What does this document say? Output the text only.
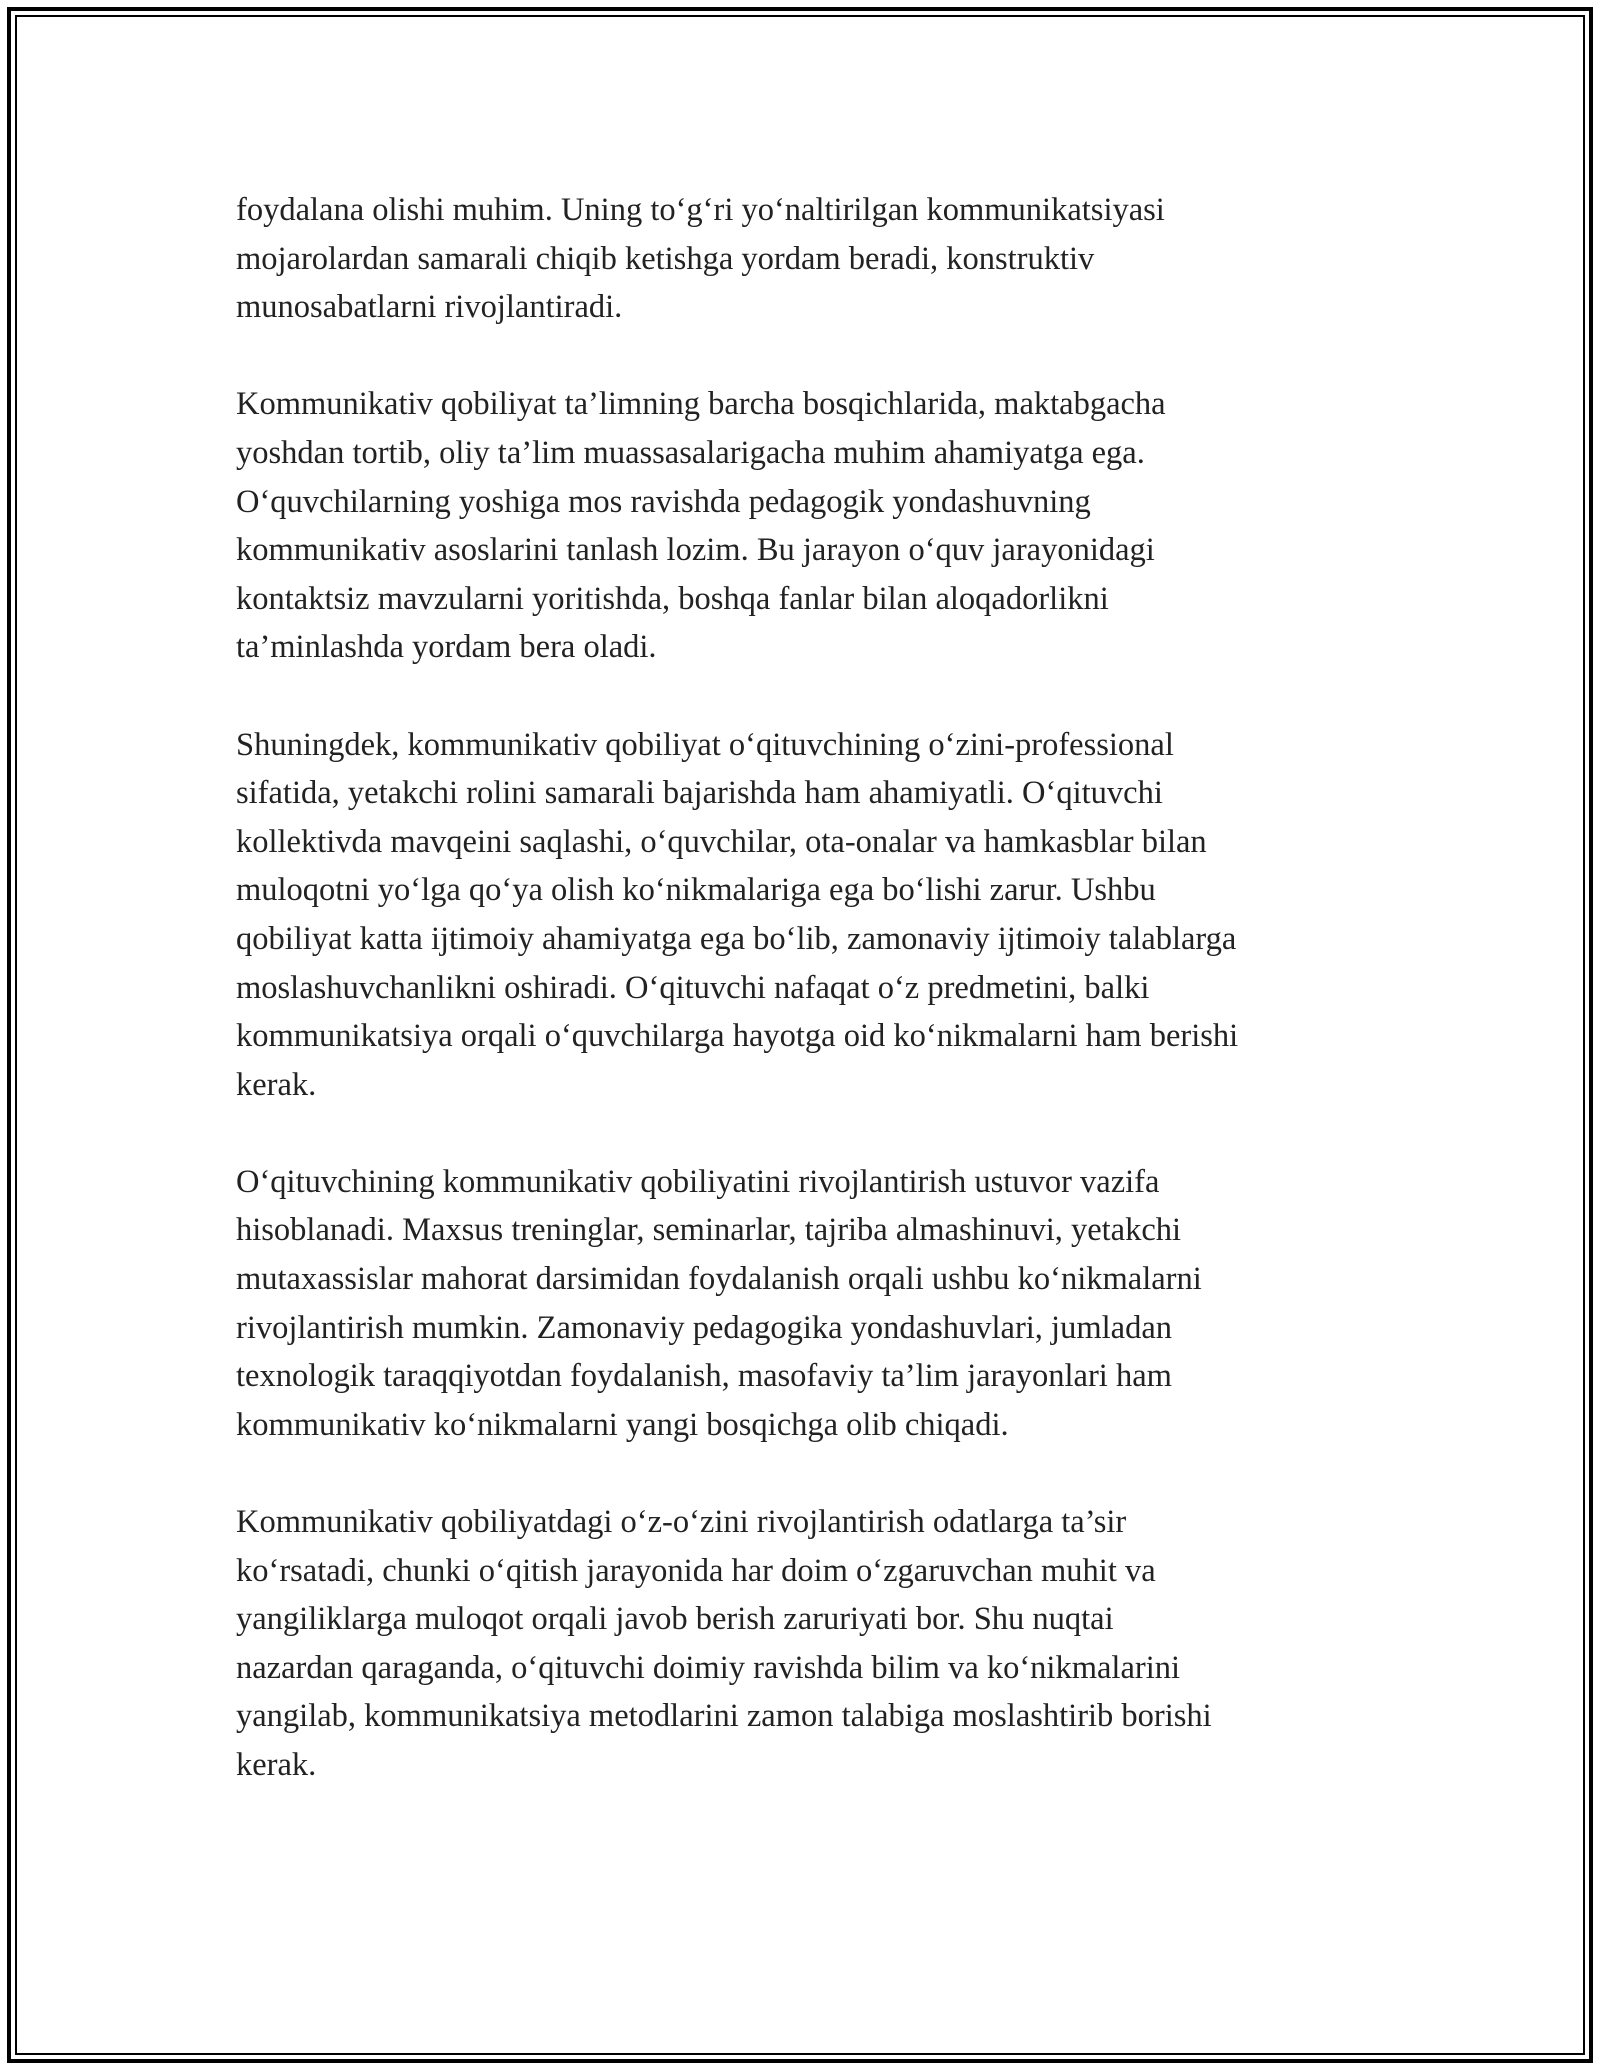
foydalana olishi muhim. Uning to‘g‘ri yo‘naltirilgan kommunikatsiyasi
mojarolardan samarali chiqib ketishga yordam beradi, konstruktiv
munosabatlarni rivojlantiradi.

Kommunikativ qobiliyat ta’limning barcha bosqichlarida, maktabgacha
yoshdan tortib, oliy ta’lim muassasalarigacha muhim ahamiyatga ega.
O‘quvchilarning yoshiga mos ravishda pedagogik yondashuvning
kommunikativ asoslarini tanlash lozim. Bu jarayon o‘quv jarayonidagi
kontaktsiz mavzularni yoritishda, boshqa fanlar bilan aloqadorlikni
ta’minlashda yordam bera oladi.

Shuningdek, kommunikativ qobiliyat o‘qituvchining o‘zini-professional
sifatida, yetakchi rolini samarali bajarishda ham ahamiyatli. O‘qituvchi
kollektivda mavqeini saqlashi, o‘quvchilar, ota-onalar va hamkasblar bilan
muloqotni yo‘lga qo‘ya olish ko‘nikmalariga ega bo‘lishi zarur. Ushbu
qobiliyat katta ijtimoiy ahamiyatga ega bo‘lib, zamonaviy ijtimoiy talablarga
moslashuvchanlikni oshiradi. O‘qituvchi nafaqat o‘z predmetini, balki
kommunikatsiya orqali o‘quvchilarga hayotga oid ko‘nikmalarni ham berishi
kerak.

O‘qituvchining kommunikativ qobiliyatini rivojlantirish ustuvor vazifa
hisoblanadi. Maxsus treninglar, seminarlar, tajriba almashinuvi, yetakchi
mutaxassislar mahorat darsimidan foydalanish orqali ushbu ko‘nikmalarni
rivojlantirish mumkin. Zamonaviy pedagogika yondashuvlari, jumladan
texnologik taraqqiyotdan foydalanish, masofaviy ta’lim jarayonlari ham
kommunikativ ko‘nikmalarni yangi bosqichga olib chiqadi.

Kommunikativ qobiliyatdagi o‘z-o‘zini rivojlantirish odatlarga ta’sir
ko‘rsatadi, chunki o‘qitish jarayonida har doim o‘zgaruvchan muhit va
yangiliklarga muloqot orqali javob berish zaruriyati bor. Shu nuqtai
nazardan qaraganda, o‘qituvchi doimiy ravishda bilim va ko‘nikmalarini
yangilab, kommunikatsiya metodlarini zamon talabiga moslashtirib borishi
kerak.
